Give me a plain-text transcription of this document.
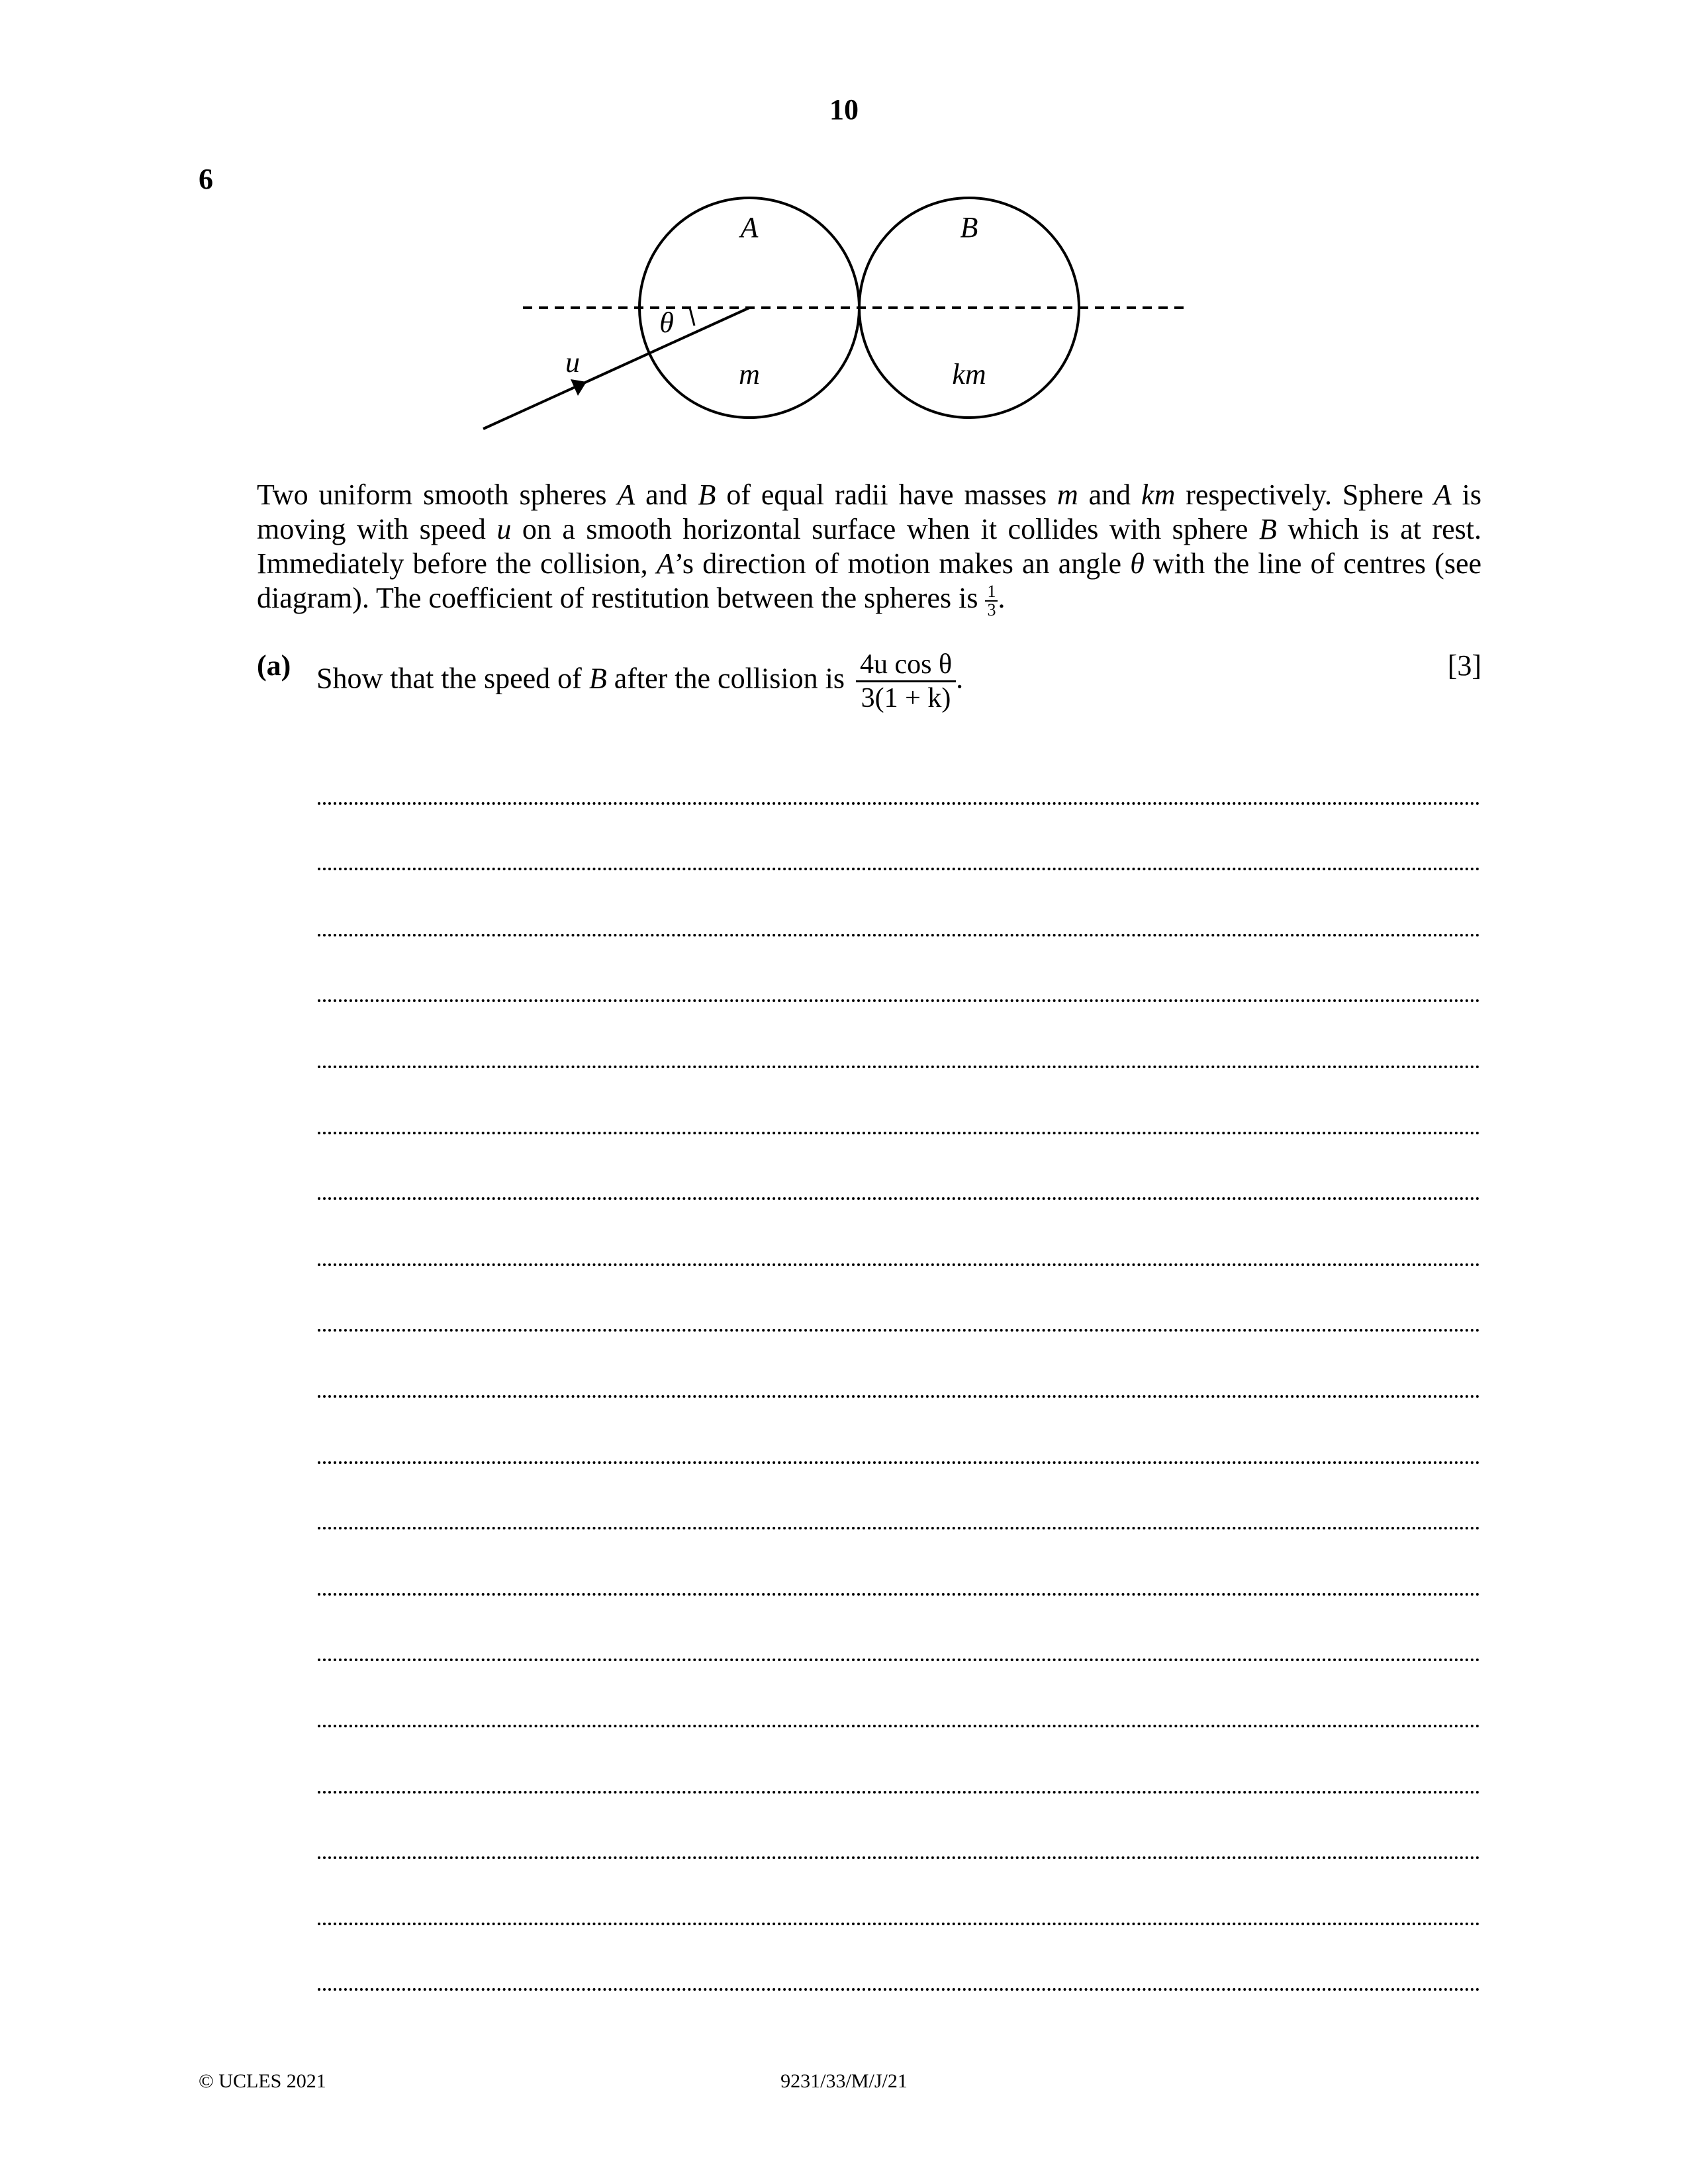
10
6
A	B
θ
u	m	km
Two uniform smooth spheres A and B of equal radii have masses m and km respectively. Sphere A is moving with speed u on a smooth horizontal surface when it collides with sphere B which is at rest. Immediately before the collision, A’s direction of motion makes an angle θ with the line of centres (see diagram). The coefficient of restitution between the spheres is $\frac{1}{3}$ .
(a) Show that the speed of B after the collision is $\frac{\text{4u cos θ}}{3(1 + k)}$ .	[3]
© UCLES 2021	9231/33/M/J/21
